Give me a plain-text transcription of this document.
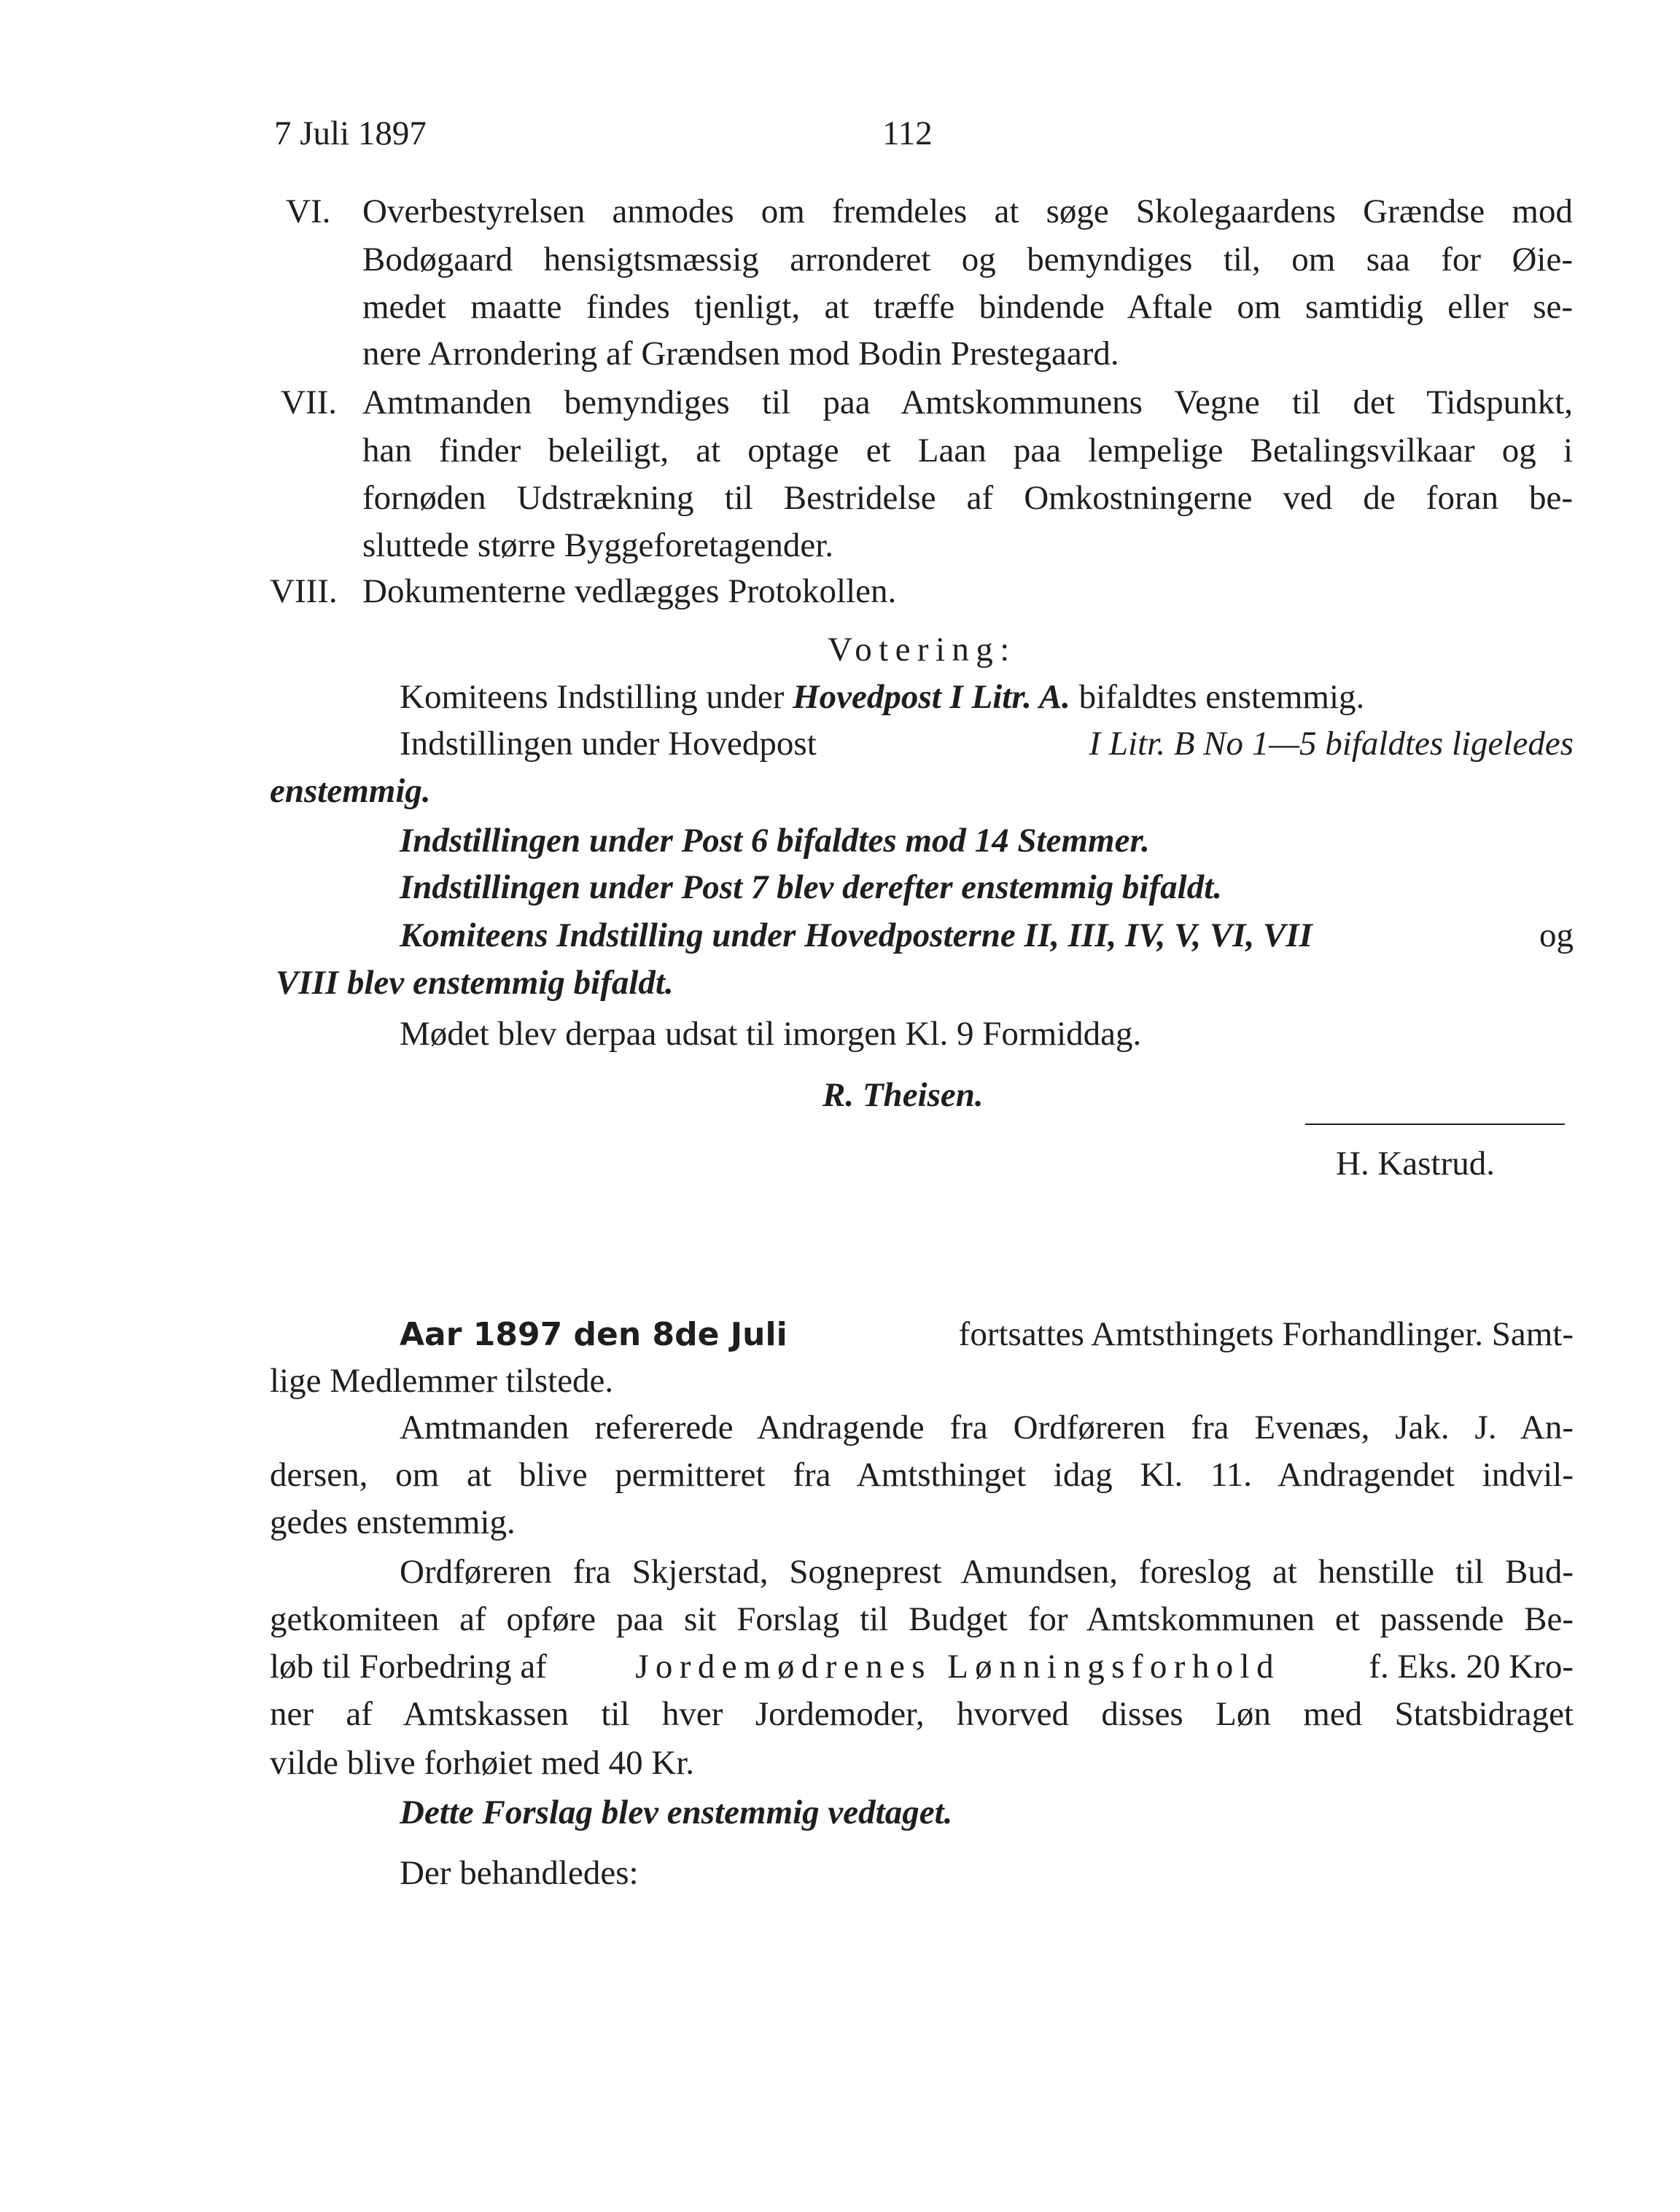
7 Juli 1897	112
VI. Overbestyrelsen anmodes om fremdeles at søge Skolegaardens Grændse mod
Bodøgaard hensigtsmæssig arronderet og bemyndiges til, om saa for Øie-
medet maatte findes tjenligt, at træffe bindende Aftale om samtidig eller se-
nere Arrondering af Grændsen mod Bodin Prestegaard.
VII. Amtmanden bemyndiges til paa Amtskommunens Vegne til det Tidspunkt,
han finder beleiligt, at optage et Laan paa lempelige Betalingsvilkaar og i
fornøden Udstrækning til Bestridelse af Omkostningerne ved de foran be-
sluttede større Byggeforetagender.
VIII. Dokumenterne vedlægges Protokollen.
Votering:
Komiteens Indstilling under Hovedpost I Litr. A. bifaldtes enstemmig.
Indstillingen under Hovedpost	I Litr. B No 1—5 bifaldtes ligeledes
enstemmig.
Indstillingen under Post 6 bifaldtes mod 14 Stemmer.
Indstillingen under Post 7 blev derefter enstemmig bifaldt.
Komiteens Indstilling under Hovedposterne II, III, IV, V, VI, VII	og
VIII blev enstemmig bifaldt.
Mødet blev derpaa udsat til imorgen Kl. 9 Formiddag.
R. Theisen.
H. Kastrud.
Aar 1897 den 8de Juli	fortsattes Amtsthingets Forhandlinger. Samt-
lige Medlemmer tilstede.
Amtmanden refererede Andragende fra Ordføreren fra Evenæs, Jak. J. An-
dersen, om at blive permitteret fra Amtsthinget idag Kl. 11. Andragendet indvil-
gedes enstemmig.
Ordføreren fra Skjerstad, Sogneprest Amundsen, foreslog at henstille til Bud-
getkomiteen af opføre paa sit Forslag til Budget for Amtskommunen et passende Be-
løb til Forbedring af	Jordemødrenes Lønningsforhold	f. Eks. 20 Kro-
ner af Amtskassen til hver Jordemoder, hvorved disses Løn med Statsbidraget
vilde blive forhøiet med 40 Kr.
Dette Forslag blev enstemmig vedtaget.
Der behandledes:
